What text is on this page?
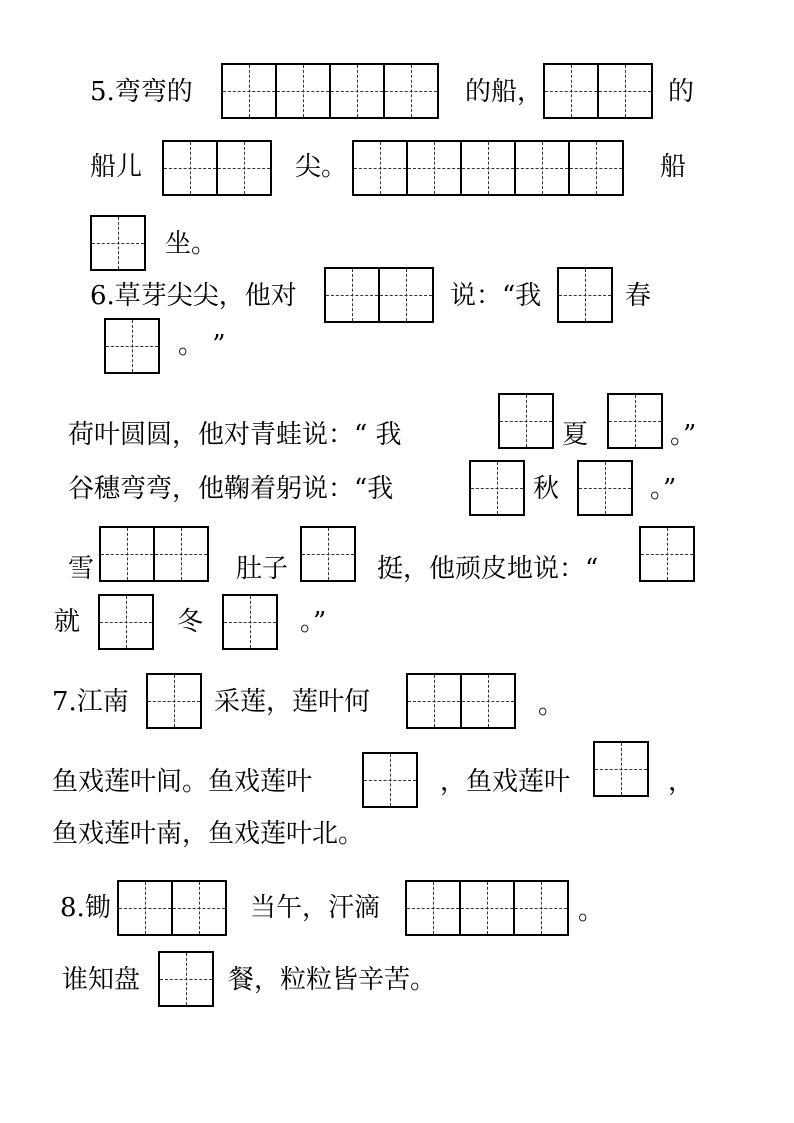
5.弯弯的	的船，	的
船儿	尖。	船
坐。
6.草芽尖尖，他对	说：“我	春
。 ”
荷叶圆圆，他对青蛙说：“ 我	夏	。”
谷穗弯弯，他鞠着躬说：“我	秋	。”
雪	肚子	挺，他顽皮地说：“
就	冬	。”
7.江南	采莲，莲叶何	。
鱼戏莲叶间。鱼戏莲叶	，鱼戏莲叶	，
鱼戏莲叶南，鱼戏莲叶北。
8.锄	当午，汗滴	。
谁知盘	餐，粒粒皆辛苦。
